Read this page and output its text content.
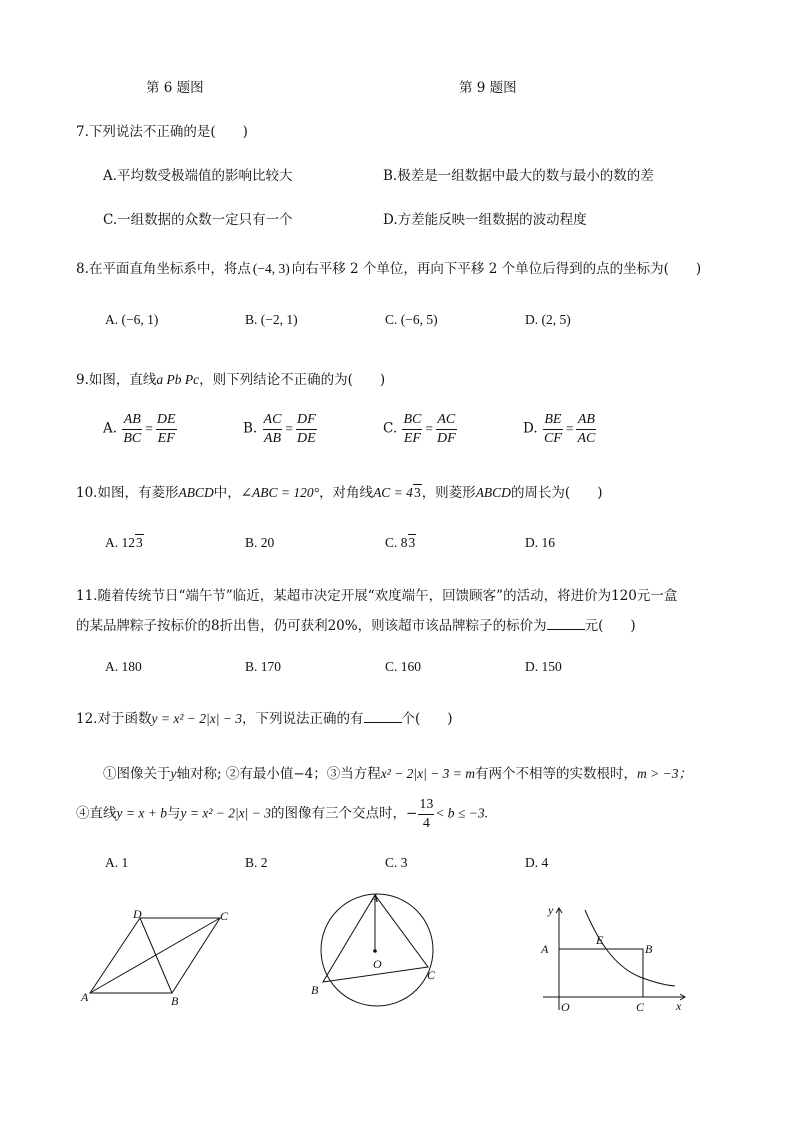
第 6 题图	第 9 题图
7.下列说法不正确的是(　　)
A.平均数受极端值的影响比较大	B.极差是一组数据中最大的数与最小的数的差
C.一组数据的众数一定只有一个	D.方差能反映一组数据的波动程度
8.在平面直角坐标系中，将点 (−4, 3) 向右平移 2 个单位，再向下平移 2 个单位后得到的点的坐标为(　　)
A. (−6, 1)	B. (−2, 1)	C. (−6, 5)	D. (2, 5)
9.如图，直线a Pb Pc，则下列结论不正确的为(　　)
A. $\frac{AB}{BC} = \frac{DE}{EF}$	B. $\frac{AC}{AB} = \frac{DF}{DE}$	C. $\frac{BC}{EF} = \frac{AC}{DF}$	D. $\frac{BE}{CF} = \frac{AB}{AC}$
10.如图，有菱形ABCD中，∠ABC = 120°，对角线AC = 43，则菱形ABCD的周长为(　　)
A. 123	B. 20	C. 83	D. 16
11.随着传统节日“端午节”临近，某超市决定开展“欢度端午，回馈顾客”的活动，将进价为120元一盒
的某品牌粽子按标价的8折出售，仍可获利20%，则该超市该品牌粽子的标价为	元(　　)
A. 180	B. 170	C. 160	D. 150
12.对于函数y = x² − 2|x| − 3，下列说法正确的有	个(　　)
①图像关于y轴对称; ②有最小值−4；③当方程x² − 2|x| − 3 = m有两个不相等的实数根时，m > −3；
④直线y = x + b与y = x² − 2|x| − 3的图像有三个交点时，− $\frac{13}{4} < b \le -3$.
A. 1	B. 2	C. 3	D. 4
A	B
C
D
A
O
B
C
y
A
E
B
O	C	x
